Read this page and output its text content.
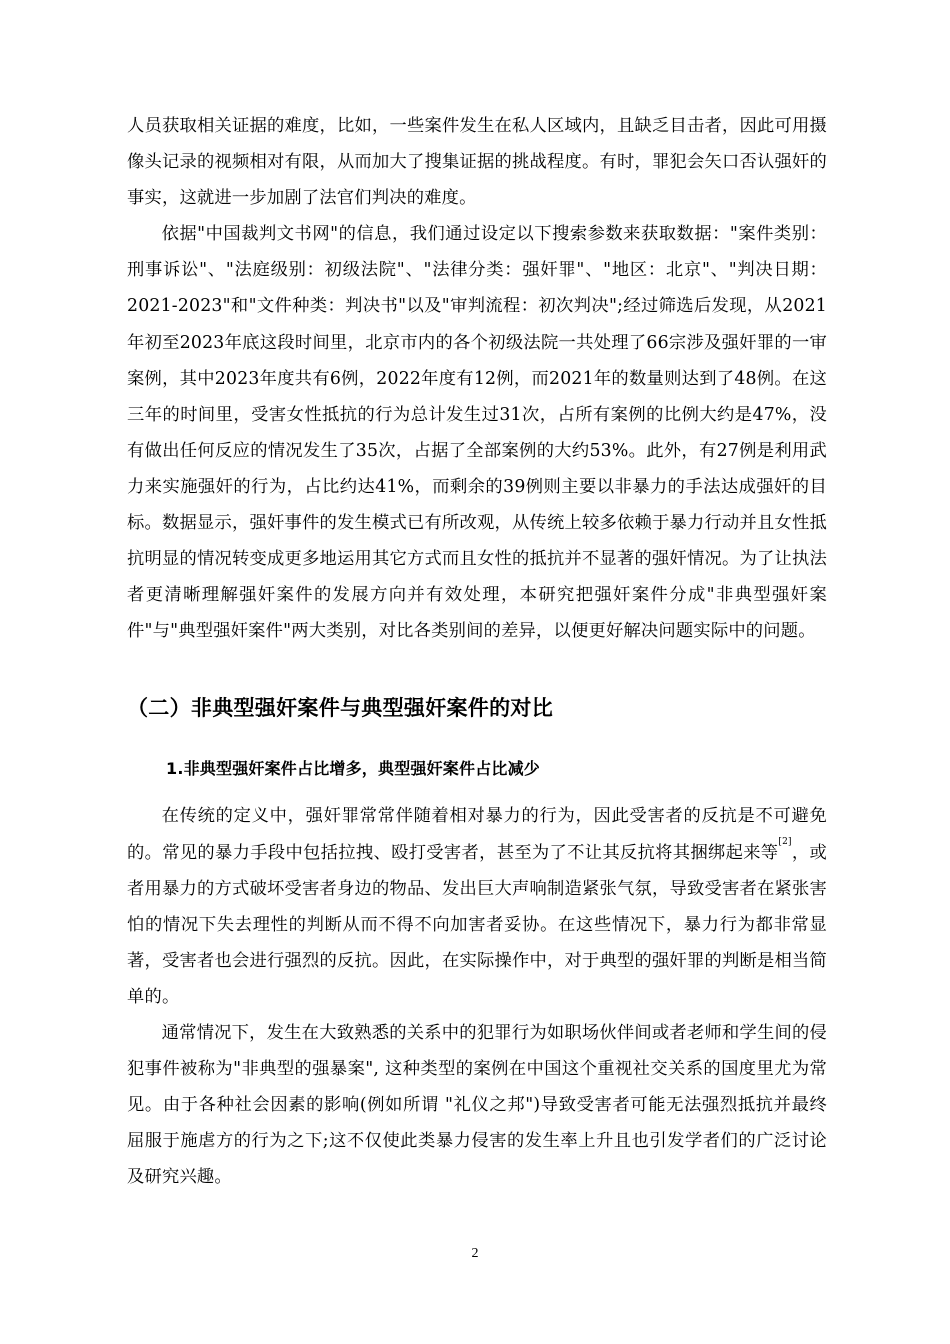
人员获取相关证据的难度，比如，一些案件发生在私人区域内，且缺乏目击者，因此可用摄像头记录的视频相对有限，从而加大了搜集证据的挑战程度。有时，罪犯会矢口否认强奸的事实，这就进一步加剧了法官们判决的难度。

依据"中国裁判文书网"的信息，我们通过设定以下搜索参数来获取数据："案件类别：刑事诉讼"、"法庭级别：初级法院"、"法律分类：强奸罪"、"地区：北京"、"判决日期：2021-2023"和"文件种类：判决书"以及"审判流程：初次判决";经过筛选后发现，从2021年初至2023年底这段时间里，北京市内的各个初级法院一共处理了66宗涉及强奸罪的一审案例，其中2023年度共有6例，2022年度有12例，而2021年的数量则达到了48例。在这三年的时间里，受害女性抵抗的行为总计发生过31次，占所有案例的比例大约是47%，没有做出任何反应的情况发生了35次，占据了全部案例的大约53%。此外，有27例是利用武力来实施强奸的行为，占比约达41%，而剩余的39例则主要以非暴力的手法达成强奸的目标。数据显示，强奸事件的发生模式已有所改观，从传统上较多依赖于暴力行动并且女性抵抗明显的情况转变成更多地运用其它方式而且女性的抵抗并不显著的强奸情况。为了让执法者更清晰理解强奸案件的发展方向并有效处理，本研究把强奸案件分成"非典型强奸案件"与"典型强奸案件"两大类别，对比各类别间的差异，以便更好解决问题实际中的问题。

（二）非典型强奸案件与典型强奸案件的对比
1.非典型强奸案件占比增多，典型强奸案件占比减少

在传统的定义中，强奸罪常常伴随着相对暴力的行为，因此受害者的反抗是不可避免的。常见的暴力手段中包括拉拽、殴打受害者，甚至为了不让其反抗将其捆绑起来等[2]，或者用暴力的方式破坏受害者身边的物品、发出巨大声响制造紧张气氛，导致受害者在紧张害怕的情况下失去理性的判断从而不得不向加害者妥协。在这些情况下，暴力行为都非常显著，受害者也会进行强烈的反抗。因此，在实际操作中，对于典型的强奸罪的判断是相当简单的。

通常情况下，发生在大致熟悉的关系中的犯罪行为如职场伙伴间或者老师和学生间的侵犯事件被称为"非典型的强暴案", 这种类型的案例在中国这个重视社交关系的国度里尤为常见。由于各种社会因素的影响(例如所谓 "礼仪之邦")导致受害者可能无法强烈抵抗并最终屈服于施虐方的行为之下;这不仅使此类暴力侵害的发生率上升且也引发学者们的广泛讨论及研究兴趣。

2
